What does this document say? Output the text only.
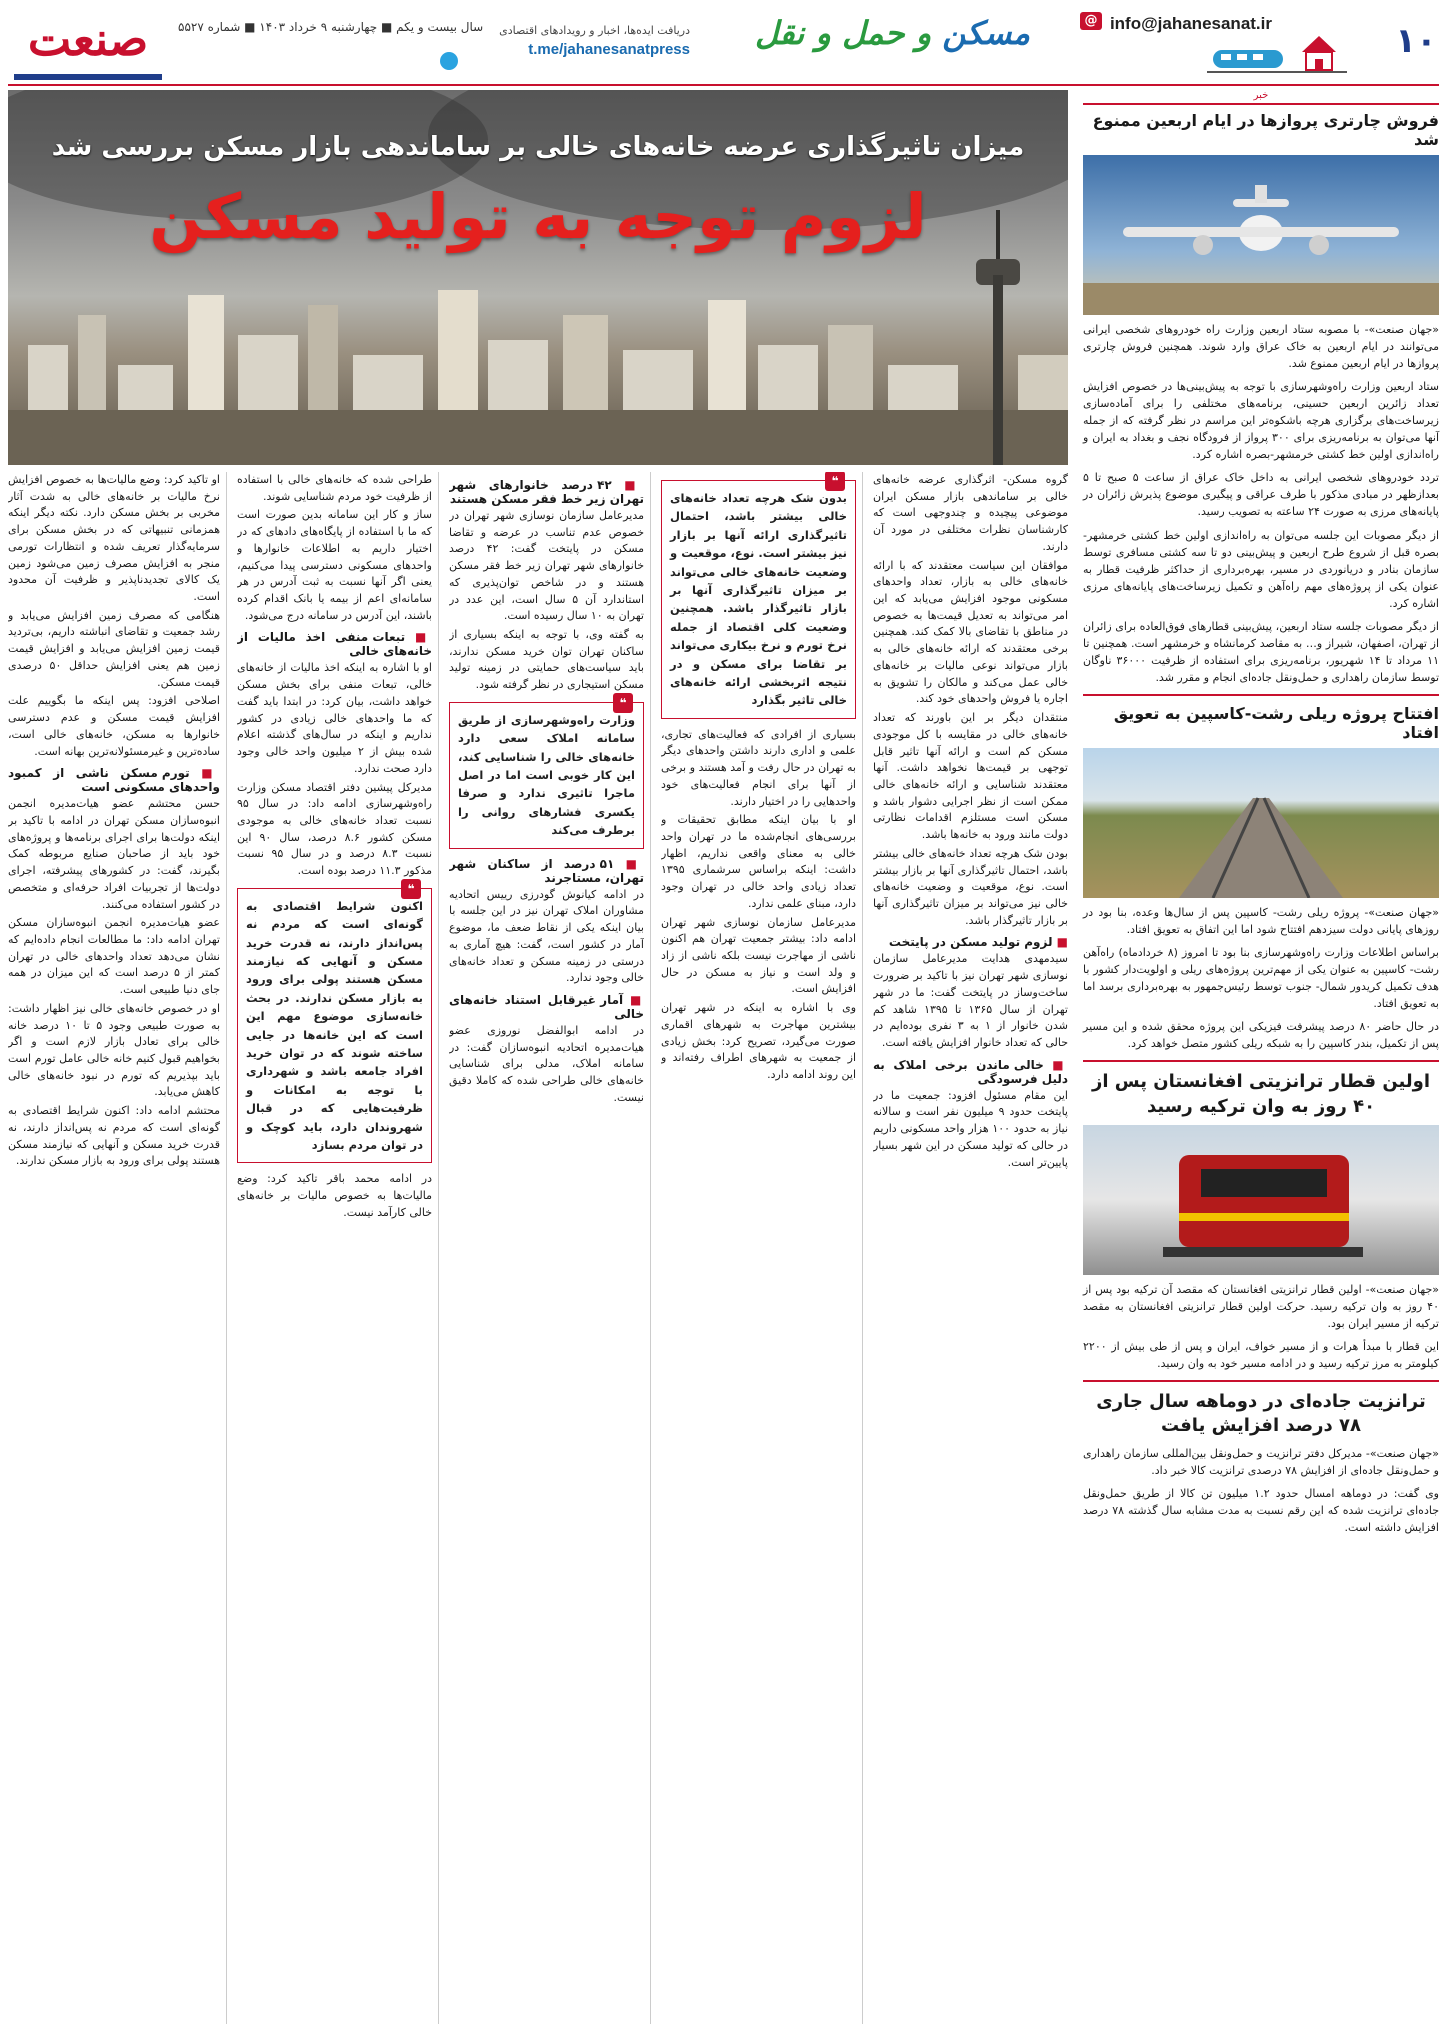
۱۰
info@jahanesanat.ir
@
مسکن و حمل و نقل
دریافت ایده‌ها، اخبار و رویدادهای اقتصادی
t.me/jahanesanatpress
سال بیست و یکم ■ چهارشنبه ۹ خرداد ۱۴۰۳ ■ شماره ۵۵۲۷
صنعت
میزان تاثیرگذاری عرضه خانه‌های خالی بر ساماندهی بازار مسکن بررسی شد
لزوم توجه به تولید مسکن
خبر
فروش چارتری پروازها در ایام اربعین ممنوع شد

«جهان صنعت»- با مصوبه ستاد اربعین وزارت راه خودروهای شخصی ایرانی می‌توانند در ایام اربعین به خاک عراق وارد شوند. همچنین فروش چارتری پروازها در ایام اربعین ممنوع شد.

ستاد اربعین وزارت راه‌وشهرسازی با توجه به پیش‌بینی‌ها در خصوص افزایش تعداد زائرین اربعین حسینی، برنامه‌های مختلفی را برای آماده‌سازی زیرساخت‌های برگزاری هرچه باشکوه‌تر این مراسم در نظر گرفته که از جمله آنها می‌توان به برنامه‌ریزی برای ۳۰۰ پرواز از فرودگاه نجف و بغداد به ایران و راه‌اندازی اولین خط کشتی خرمشهر-بصره اشاره کرد.

تردد خودروهای شخصی ایرانی به داخل خاک عراق از ساعت ۵ صبح تا ۵ بعدازظهر در مبادی مذکور با طرف عراقی و پیگیری موضوع پذیرش زائران در پایانه‌های مرزی به صورت ۲۴ ساعته به تصویب رسید.

از دیگر مصوبات این جلسه می‌توان به راه‌اندازی اولین خط کشتی خرمشهر-بصره قبل از شروع طرح اربعین و پیش‌بینی دو تا سه کشتی مسافری توسط سازمان بنادر و دریانوردی در مسیر، بهره‌برداری از حداکثر ظرفیت قطار به عنوان یکی از پروژه‌های مهم راه‌آهن و تکمیل زیرساخت‌های پایانه‌های مرزی اشاره کرد.

از دیگر مصوبات جلسه ستاد اربعین، پیش‌بینی قطارهای فوق‌العاده برای زائران از تهران، اصفهان، شیراز و… به مقاصد کرمانشاه و خرمشهر است. همچنین تا ۱۱ مرداد تا ۱۴ شهریور، برنامه‌ریزی برای استفاده از ظرفیت ۳۶۰۰۰ ناوگان توسط سازمان راهداری و حمل‌ونقل جاده‌ای انجام و مقرر شد.

افتتاح پروژه ریلی رشت-کاسپین به تعویق افتاد

«جهان صنعت»- پروژه ریلی رشت- کاسپین پس از سال‌ها وعده، بنا بود در روزهای پایانی دولت سیزدهم افتتاح شود اما این اتفاق به تعویق افتاد.

براساس اطلاعات وزارت راه‌وشهرسازی بنا بود تا امروز (۸ خردادماه) راه‌آهن رشت- کاسپین به عنوان یکی از مهم‌ترین پروژه‌های ریلی و اولویت‌دار کشور با هدف تکمیل کریدور شمال- جنوب توسط رئیس‌جمهور به بهره‌برداری برسد اما به تعویق افتاد.

در حال حاضر ۸۰ درصد پیشرفت فیزیکی این پروژه محقق شده و این مسیر پس از تکمیل، بندر کاسپین را به شبکه ریلی کشور متصل خواهد کرد.

اولین قطار ترانزیتی افغانستان پس از ۴۰ روز به وان ترکیه رسید

«جهان صنعت»- اولین قطار ترانزیتی افغانستان که مقصد آن ترکیه بود پس از ۴۰ روز به وان ترکیه رسید. حرکت اولین قطار ترانزیتی افغانستان به مقصد ترکیه از مسیر ایران بود.

این قطار با مبدأ هرات و از مسیر خواف، ایران و پس از طی بیش از ۲۲۰۰ کیلومتر به مرز ترکیه رسید و در ادامه مسیر خود به وان رسید.

ترانزیت جاده‌ای در دوماهه سال جاری ۷۸ درصد افزایش یافت

«جهان صنعت»- مدیرکل دفتر ترانزیت و حمل‌ونقل بین‌المللی سازمان راهداری و حمل‌ونقل جاده‌ای از افزایش ۷۸ درصدی ترانزیت کالا خبر داد.

وی گفت: در دوماهه امسال حدود ۱.۲ میلیون تن کالا از طریق حمل‌ونقل جاده‌ای ترانزیت شده که این رقم نسبت به مدت مشابه سال گذشته ۷۸ درصد افزایش داشته است.

گروه مسکن- اثرگذاری عرضه خانه‌های خالی بر ساماندهی بازار مسکن ایران موضوعی پیچیده و چندوجهی است که کارشناسان نظرات مختلفی در مورد آن دارند.

موافقان این سیاست معتقدند که با ارائه خانه‌های خالی به بازار، تعداد واحدهای مسکونی موجود افزایش می‌یابد که این امر می‌تواند به تعدیل قیمت‌ها به خصوص در مناطق با تقاضای بالا کمک کند. همچنین برخی معتقدند که ارائه خانه‌های خالی به بازار می‌تواند نوعی مالیات بر خانه‌های خالی عمل می‌کند و مالکان را تشویق به اجاره یا فروش واحدهای خود کند.

منتقدان دیگر بر این باورند که تعداد خانه‌های خالی در مقایسه با کل موجودی مسکن کم است و ارائه آنها تاثیر قابل توجهی بر قیمت‌ها نخواهد داشت. آنها معتقدند شناسایی و ارائه خانه‌های خالی ممکن است از نظر اجرایی دشوار باشد و مسکن است مستلزم اقدامات نظارتی دولت مانند ورود به خانه‌ها باشد.

بودن شک هرچه تعداد خانه‌های خالی بیشتر باشد، احتمال تاثیرگذاری آنها بر بازار بیشتر است. نوع، موقعیت و وضعیت خانه‌های خالی نیز می‌تواند بر میزان تاثیرگذاری آنها بر بازار تاثیرگذار باشد.

■ لزوم تولید مسکن در پایتخت

سیدمهدی هدایت مدیرعامل سازمان نوسازی شهر تهران نیز با تاکید بر ضرورت ساخت‌وساز در پایتخت گفت: ما در شهر تهران از سال ۱۳۶۵ تا ۱۳۹۵ شاهد کم شدن خانوار از ۱ به ۳ نفری بوده‌ایم در حالی که تعداد خانوار افزایش یافته است.

■ خالی ماندن برخی املاک به دلیل فرسودگی

این مقام مسئول افزود: جمعیت ما در پایتخت حدود ۹ میلیون نفر است و سالانه نیاز به حدود ۱۰۰ هزار واحد مسکونی داریم در حالی که تولید مسکن در این شهر بسیار پایین‌تر است.

❝
بدون شک هرچه تعداد خانه‌های خالی بیشتر باشد، احتمال تاثیرگذاری ارائه آنها بر بازار نیز بیشتر است. نوع، موقعیت و وضعیت خانه‌های خالی می‌تواند بر میزان تاثیرگذاری آنها بر بازار تاثیرگذار باشد. همچنین وضعیت کلی اقتصاد از جمله نرخ تورم و نرخ بیکاری می‌تواند بر تقاضا برای مسکن و در نتیجه اثربخشی ارائه خانه‌های خالی تاثیر بگذارد

بسیاری از افرادی که فعالیت‌های تجاری، علمی و اداری دارند داشتن واحدهای دیگر به تهران در حال رفت و آمد هستند و برخی از آنها برای انجام فعالیت‌های خود واحدهایی را در اختیار دارند.

او با بیان اینکه مطابق تحقیقات و بررسی‌های انجام‌شده ما در تهران واحد خالی به معنای واقعی نداریم، اظهار داشت: اینکه براساس سرشماری ۱۳۹۵ تعداد زیادی واحد خالی در تهران وجود دارد، مبنای علمی ندارد.

مدیرعامل سازمان نوسازی شهر تهران ادامه داد: بیشتر جمعیت تهران هم اکنون ناشی از مهاجرت نیست بلکه ناشی از زاد و ولد است و نیاز به مسکن در حال افزایش است.

وی با اشاره به اینکه در شهر تهران بیشترین مهاجرت به شهرهای اقماری صورت می‌گیرد، تصریح کرد: بخش زیادی از جمعیت به شهرهای اطراف رفته‌اند و این روند ادامه دارد.

■ ۴۲ درصد خانوارهای شهر تهران زیر خط فقر مسکن هستند

مدیرعامل سازمان نوسازی شهر تهران در خصوص عدم تناسب در عرضه و تقاضا مسکن در پایتخت گفت: ۴۲ درصد خانوارهای شهر تهران زیر خط فقر مسکن هستند و در شاخص توان‌پذیری که استاندارد آن ۵ سال است، این عدد در تهران به ۱۰ سال رسیده است.

به گفته وی، با توجه به اینکه بسیاری از ساکنان تهران توان خرید مسکن ندارند، باید سیاست‌های حمایتی در زمینه تولید مسکن استیجاری در نظر گرفته شود.

❝
وزارت راه‌وشهرسازی از طریق سامانه املاک سعی دارد خانه‌های خالی را شناسایی کند، این کار خوبی است اما در اصل ماجرا تاثیری ندارد و صرفا یکسری فشارهای روانی را برطرف می‌کند
■ ۵۱ درصد از ساکنان شهر تهران، مستاجرند

در ادامه کیانوش گودرزی رییس اتحادیه مشاوران املاک تهران نیز در این جلسه با بیان اینکه یکی از نقاط ضعف ما، موضوع آمار در کشور است، گفت: هیچ آماری به درستی در زمینه مسکن و تعداد خانه‌های خالی وجود ندارد.

■ آمار غیرقابل استناد خانه‌های خالی

در ادامه ابوالفضل نوروزی عضو هیات‌مدیره اتحادیه انبوه‌سازان گفت: در سامانه املاک، مدلی برای شناسایی خانه‌های خالی طراحی شده که کاملا دقیق نیست.

طراحی شده که خانه‌های خالی با استفاده از ظرفیت خود مردم شناسایی شوند.

ساز و کار این سامانه بدین صورت است که ما با استفاده از پایگاه‌های دادهای که در اختیار داریم به اطلاعات خانوارها و واحدهای مسکونی دسترسی پیدا می‌کنیم، یعنی اگر آنها نسبت به ثبت آدرس در هر سامانه‌ای اعم از بیمه یا بانک اقدام کرده باشند، این آدرس در سامانه درج می‌شود.

■ تبعات منفی اخذ مالیات از خانه‌های خالی

او با اشاره به اینکه اخذ مالیات از خانه‌های خالی، تبعات منفی برای بخش مسکن خواهد داشت، بیان کرد: در ابتدا باید گفت که ما واحدهای خالی زیادی در کشور نداریم و اینکه در سال‌های گذشته اعلام شده بیش از ۲ میلیون واحد خالی وجود دارد صحت ندارد.

مدیرکل پیشین دفتر اقتصاد مسکن وزارت راه‌وشهرسازی ادامه داد: در سال ۹۵ نسبت تعداد خانه‌های خالی به موجودی مسکن کشور ۸.۶ درصد، سال ۹۰ این نسبت ۸.۳ درصد و در سال ۹۵ نسبت مذکور ۱۱.۳ درصد بوده است.

❝
اکنون شرایط اقتصادی به گونه‌ای است که مردم نه پس‌انداز دارند، نه قدرت خرید مسکن و آنهایی که نیازمند مسکن هستند پولی برای ورود به بازار مسکن ندارند. در بحث خانه‌سازی موضوع مهم این است که این خانه‌ها در جایی ساخته شوند که در توان خرید افراد جامعه باشد و شهرداری با توجه به امکانات و ظرفیت‌هایی که در قبال شهروندان دارد، باید کوچک و در توان مردم بسازد

در ادامه محمد باقر تاکید کرد: وضع مالیات‌ها به خصوص مالیات بر خانه‌های خالی کارآمد نیست.

او تاکید کرد: وضع مالیات‌ها به خصوص افزایش نرخ مالیات بر خانه‌های خالی به شدت آثار مخربی بر بخش مسکن دارد. نکته دیگر اینکه همزمانی تنبیهاتی که در بخش مسکن برای سرمایه‌گذار تعریف شده و انتظارات تورمی منجر به افزایش مصرف زمین می‌شود زمین یک کالای تجدیدناپذیر و ظرفیت آن محدود است.

هنگامی که مصرف زمین افزایش می‌یابد و رشد جمعیت و تقاضای انباشته داریم، بی‌تردید قیمت زمین افزایش می‌یابد و افزایش قیمت زمین هم یعنی افزایش حداقل ۵۰ درصدی قیمت مسکن.

اصلاحی افزود: پس اینکه ما بگوییم علت افزایش قیمت مسکن و عدم دسترسی خانوارها به مسکن، خانه‌های خالی است، ساده‌ترین و غیرمسئولانه‌ترین بهانه است.

■ تورم مسکن ناشی از کمبود واحدهای مسکونی است

حسن محتشم عضو هیات‌مدیره انجمن انبوه‌سازان مسکن تهران در ادامه با تاکید بر اینکه دولت‌ها برای اجرای برنامه‌ها و پروژه‌های خود باید از صاحبان صنایع مربوطه کمک بگیرند، گفت: در کشورهای پیشرفته، اجرای دولت‌ها از تجربیات افراد حرفه‌ای و متخصص در کشور استفاده می‌کنند.

عضو هیات‌مدیره انجمن انبوه‌سازان مسکن تهران ادامه داد: ما مطالعات انجام داده‌ایم که نشان می‌دهد تعداد واحدهای خالی در تهران کمتر از ۵ درصد است که این میزان در همه جای دنیا طبیعی است.

او در خصوص خانه‌های خالی نیز اظهار داشت: به صورت طبیعی وجود ۵ تا ۱۰ درصد خانه خالی برای تعادل بازار لازم است و اگر بخواهیم قبول کنیم خانه خالی عامل تورم است باید بپذیریم که تورم در نبود خانه‌های خالی کاهش می‌یابد.

محتشم ادامه داد: اکنون شرایط اقتصادی به گونه‌ای است که مردم نه پس‌انداز دارند، نه قدرت خرید مسکن و آنهایی که نیازمند مسکن هستند پولی برای ورود به بازار مسکن ندارند.
